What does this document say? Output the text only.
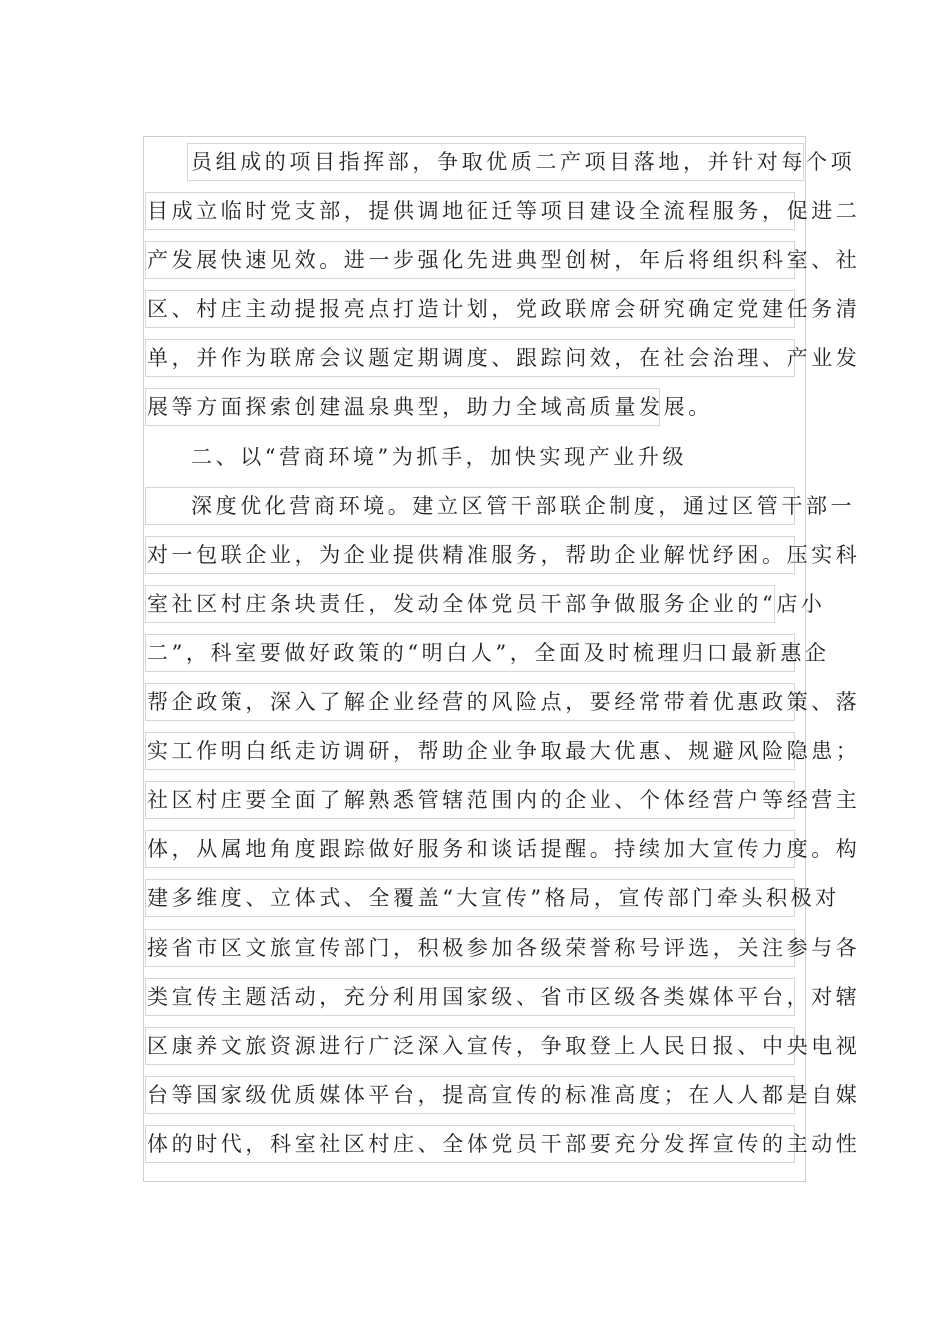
员组成的项目指挥部，争取优质二产项目落地，并针对每个项
目成立临时党支部，提供调地征迁等项目建设全流程服务，促进二
产发展快速见效。进一步强化先进典型创树，年后将组织科室、社
区、村庄主动提报亮点打造计划，党政联席会研究确定党建任务清
单，并作为联席会议题定期调度、跟踪问效，在社会治理、产业发
展等方面探索创建温泉典型，助力全域高质量发展。
二、以“营商环境”为抓手，加快实现产业升级
深度优化营商环境。建立区管干部联企制度，通过区管干部一
对一包联企业，为企业提供精准服务，帮助企业解忧纾困。压实科
室社区村庄条块责任，发动全体党员干部争做服务企业的“店小
二”，科室要做好政策的“明白人”，全面及时梳理归口最新惠企
帮企政策，深入了解企业经营的风险点，要经常带着优惠政策、落
实工作明白纸走访调研，帮助企业争取最大优惠、规避风险隐患；
社区村庄要全面了解熟悉管辖范围内的企业、个体经营户等经营主
体，从属地角度跟踪做好服务和谈话提醒。持续加大宣传力度。构
建多维度、立体式、全覆盖“大宣传”格局，宣传部门牵头积极对
接省市区文旅宣传部门，积极参加各级荣誉称号评选，关注参与各
类宣传主题活动，充分利用国家级、省市区级各类媒体平台，对辖
区康养文旅资源进行广泛深入宣传，争取登上人民日报、中央电视
台等国家级优质媒体平台，提高宣传的标准高度；在人人都是自媒
体的时代，科室社区村庄、全体党员干部要充分发挥宣传的主动性
